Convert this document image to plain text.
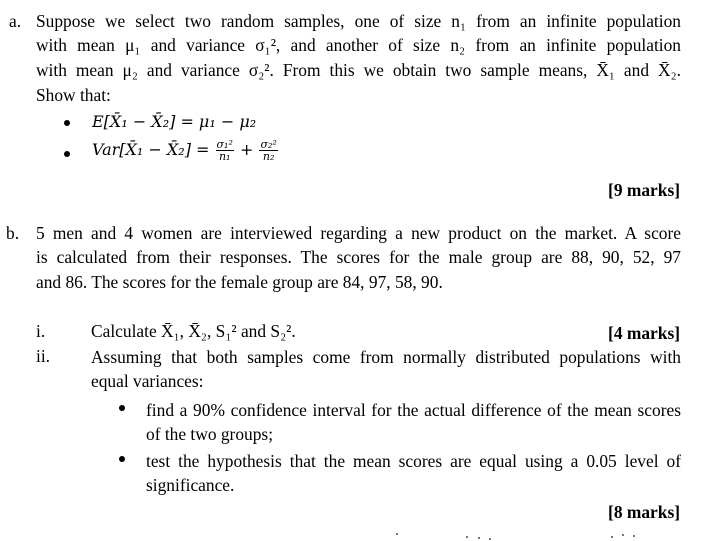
a. Suppose we select two random samples, one of size n₁ from an infinite population
with mean μ₁ and variance σ₁², and another of size n₂ from an infinite population
with mean μ₂ and variance σ₂². From this we obtain two sample means, X̄₁ and X̄₂.
Show that:
E[X̄₁ − X̄₂] = μ₁ − μ₂
Var[X̄₁ − X̄₂] = $\frac{\text{σ₁²}}{\text{n₁}} + \frac{\text{σ₂²}}{\text{n₂}}$
[9 marks]
b. 5 men and 4 women are interviewed regarding a new product on the market. A score
is calculated from their responses. The scores for the male group are 88, 90, 52, 97
and 86. The scores for the female group are 84, 97, 58, 90.
i.	Calculate X̄₁, X̄₂, S₁² and S₂².	[4 marks]
ii. Assuming that both samples come from normally distributed populations with
equal variances:
find a 90% confidence interval for the actual difference of the mean scores
of the two groups;
test the hypothesis that the mean scores are equal using a 0.05 level of
significance.
[8 marks]
